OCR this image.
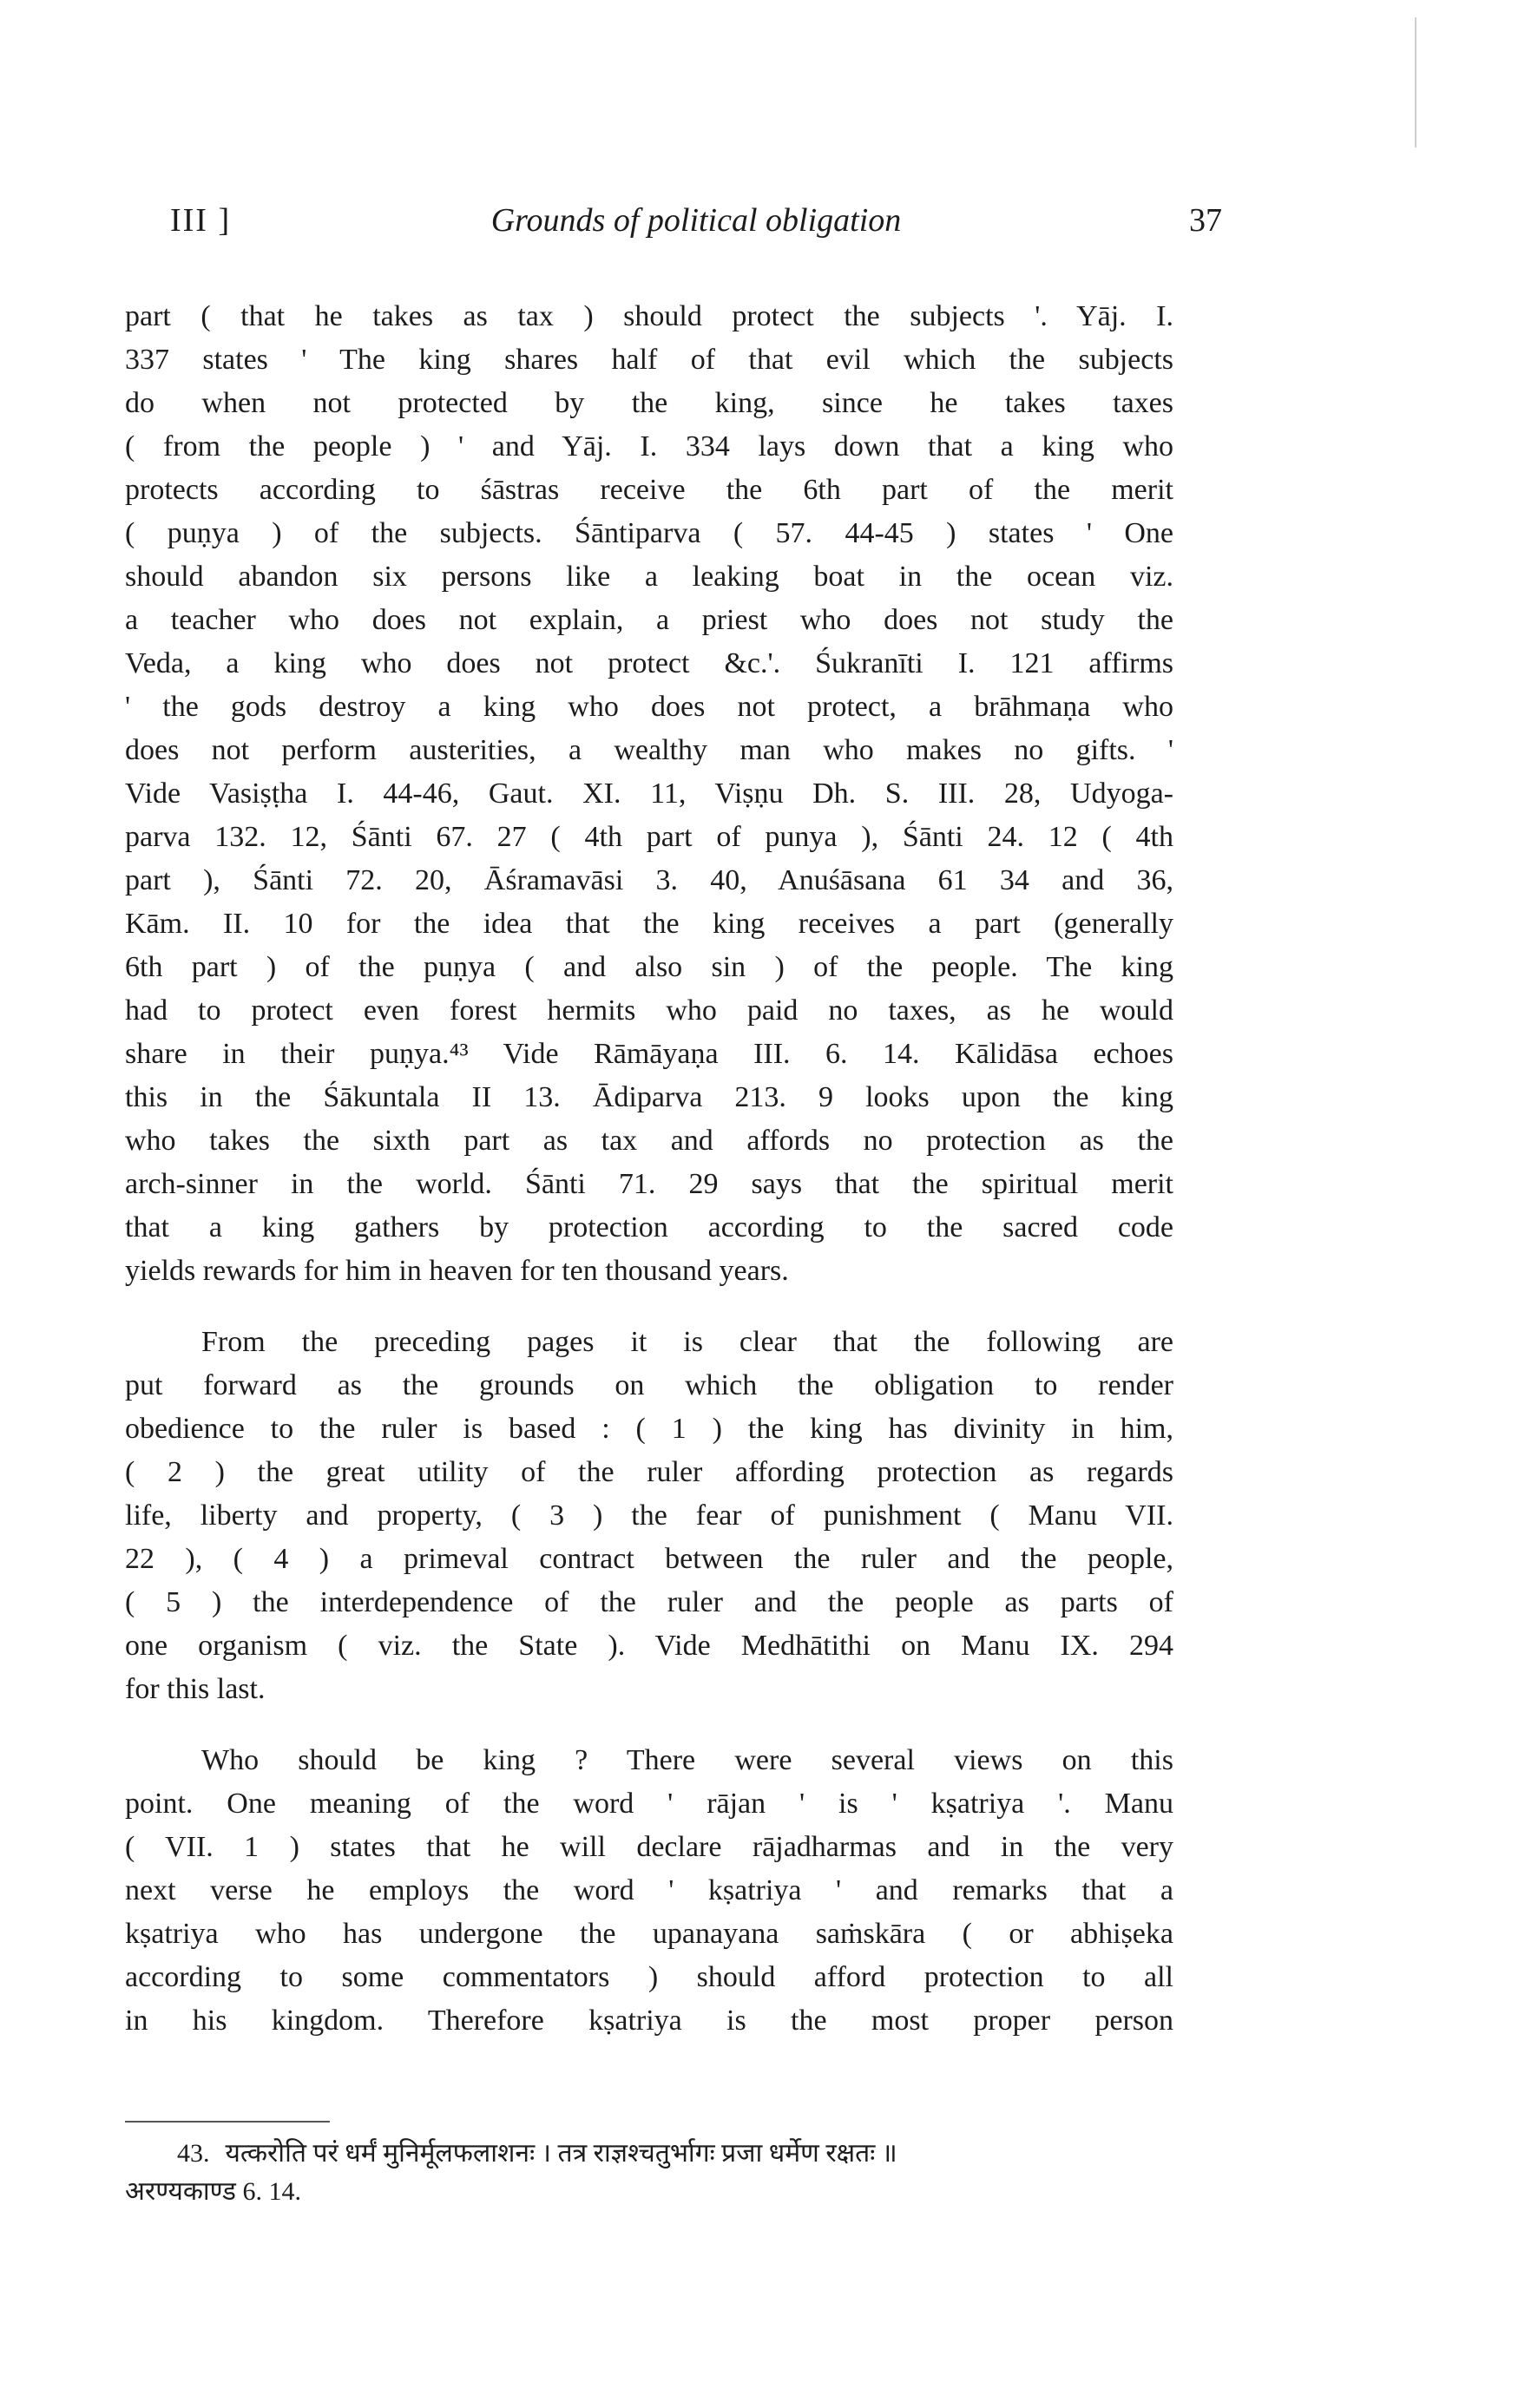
III ]	Grounds of political obligation	37

part ( that he takes as tax ) should protect the subjects '. Yāj. I.
337 states ' The king shares half of that evil which the subjects
do when not protected by the king, since he takes taxes
( from the people ) ' and Yāj. I. 334 lays down that a king who
protects according to śāstras receive the 6th part of the merit
( puṇya ) of the subjects. Śāntiparva ( 57. 44-45 ) states ' One
should abandon six persons like a leaking boat in the ocean viz.
a teacher who does not explain, a priest who does not study the
Veda, a king who does not protect &c.'. Śukranīti I. 121 affirms
' the gods destroy a king who does not protect, a brāhmaṇa who
does not perform austerities, a wealthy man who makes no gifts. '
Vide Vasiṣṭha I. 44-46, Gaut. XI. 11, Viṣṇu Dh. S. III. 28, Udyoga-
parva 132. 12, Śānti 67. 27 ( 4th part of punya ), Śānti 24. 12 ( 4th
part ), Śānti 72. 20, Āśramavāsi 3. 40, Anuśāsana 61 34 and 36,
Kām. II. 10 for the idea that the king receives a part (generally
6th part ) of the puṇya ( and also sin ) of the people. The king
had to protect even forest hermits who paid no taxes, as he would
share in their puṇya.⁴³ Vide Rāmāyaṇa III. 6. 14. Kālidāsa echoes
this in the Śākuntala II 13. Ādiparva 213. 9 looks upon the king
who takes the sixth part as tax and affords no protection as the
arch-sinner in the world. Śānti 71. 29 says that the spiritual merit
that a king gathers by protection according to the sacred code
yields rewards for him in heaven for ten thousand years.

From the preceding pages it is clear that the following are
put forward as the grounds on which the obligation to render
obedience to the ruler is based : ( 1 ) the king has divinity in him,
( 2 ) the great utility of the ruler affording protection as regards
life, liberty and property, ( 3 ) the fear of punishment ( Manu VII.
22 ), ( 4 ) a primeval contract between the ruler and the people,
( 5 ) the interdependence of the ruler and the people as parts of
one organism ( viz. the State ). Vide Medhātithi on Manu IX. 294
for this last.

Who should be king ? There were several views on this
point. One meaning of the word ' rājan ' is ' kṣatriya '. Manu
( VII. 1 ) states that he will declare rājadharmas and in the very
next verse he employs the word ' kṣatriya ' and remarks that a
kṣatriya who has undergone the upanayana saṁskāra ( or abhiṣeka
according to some commentators ) should afford protection to all
in his kingdom. Therefore kṣatriya is the most proper person

43. यत्करोति परं धर्मं मुनिर्मूलफलाशनः । तत्र राज्ञश्चतुर्भागः प्रजा धर्मेण रक्षतः ॥
अरण्यकाण्ड 6. 14.
